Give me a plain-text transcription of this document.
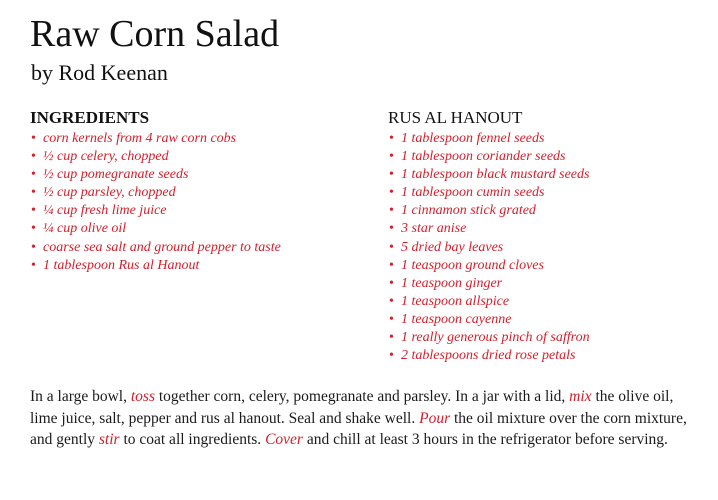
Raw Corn Salad
by Rod Keenan
INGREDIENTS
• corn kernels from 4 raw corn cobs
• ½ cup celery, chopped
• ½ cup pomegranate seeds
• ½ cup parsley, chopped
• ¼ cup fresh lime juice
• ¼ cup olive oil
• coarse sea salt and ground pepper to taste
• 1 tablespoon Rus al Hanout
RUS AL HANOUT
• 1 tablespoon fennel seeds
• 1 tablespoon coriander seeds
• 1 tablespoon black mustard seeds
• 1 tablespoon cumin seeds
• 1 cinnamon stick grated
• 3 star anise
• 5 dried bay leaves
• 1 teaspoon ground cloves
• 1 teaspoon ginger
• 1 teaspoon allspice
• 1 teaspoon cayenne
• 1 really generous pinch of saffron
• 2 tablespoons dried rose petals

In a large bowl, toss together corn, celery, pomegranate and parsley. In a jar with a lid, mix the olive oil, lime juice, salt, pepper and rus al hanout. Seal and shake well. Pour the oil mixture over the corn mixture, and gently stir to coat all ingredients. Cover and chill at least 3 hours in the refrigerator before serving.
